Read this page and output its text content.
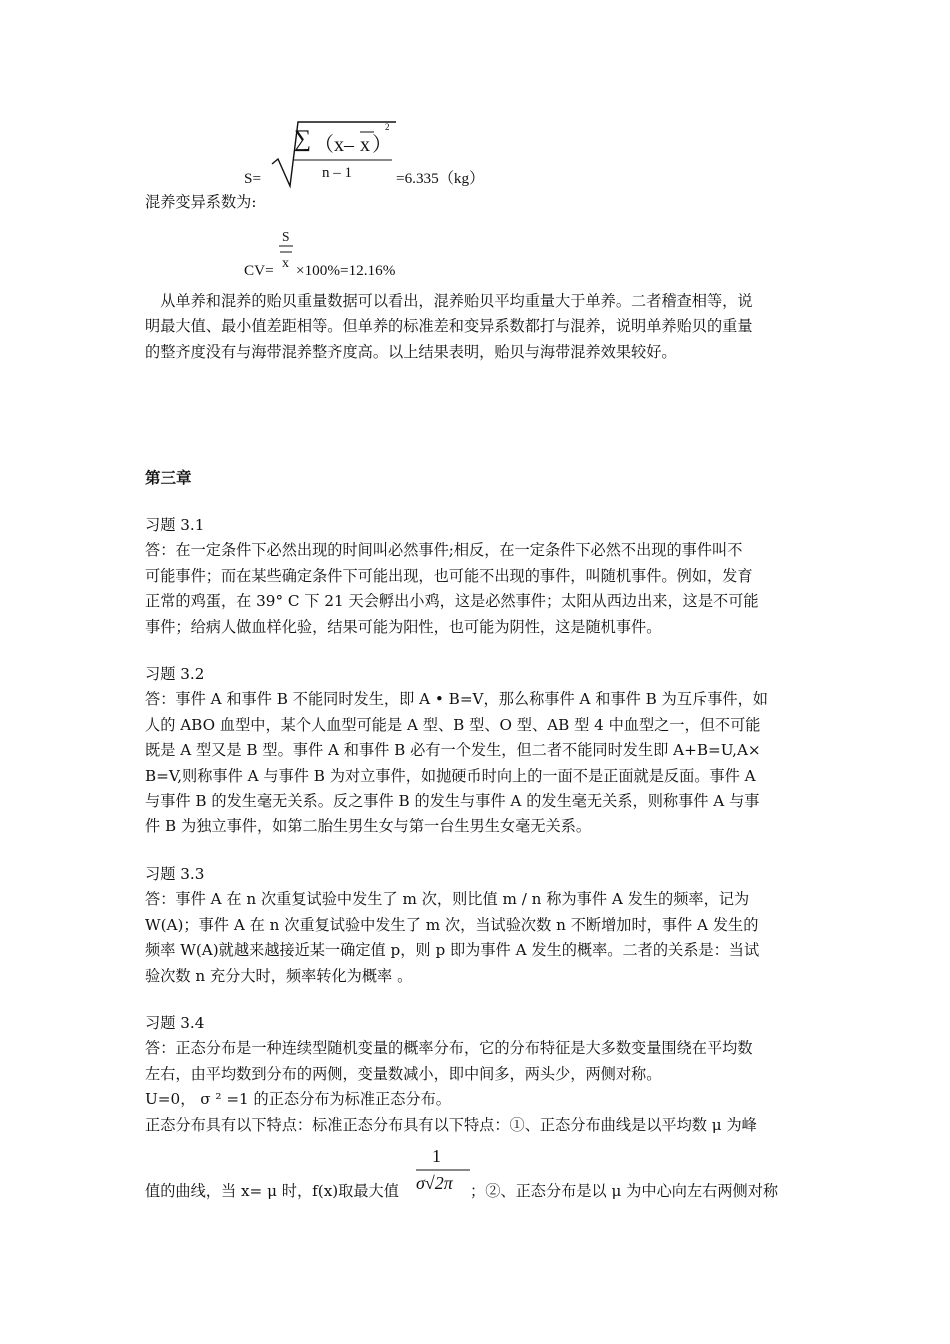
S=
∑ （x– x ）
2
n – 1	=6.335（kg）
混养变异系数为:
S
CV= x ×100%=12.16%
　从单养和混养的贻贝重量数据可以看出，混养贻贝平均重量大于单养。二者稽查相等，说
明最大值、最小值差距相等。但单养的标准差和变异系数都打与混养，说明单养贻贝的重量
的整齐度没有与海带混养整齐度高。以上结果表明，贻贝与海带混养效果较好。
第三章
习题 3.1
答：在一定条件下必然出现的时间叫必然事件;相反，在一定条件下必然不出现的事件叫不
可能事件；而在某些确定条件下可能出现，也可能不出现的事件，叫随机事件。例如，发育
正常的鸡蛋，在 39° C 下 21 天会孵出小鸡，这是必然事件；太阳从西边出来，这是不可能
事件；给病人做血样化验，结果可能为阳性，也可能为阴性，这是随机事件。
习题 3.2
答：事件 A 和事件 B 不能同时发生，即 A • B=V，那么称事件 A 和事件 B 为互斥事件，如
人的 ABO 血型中，某个人血型可能是 A 型、B 型、O 型、AB 型 4 中血型之一，但不可能
既是 A 型又是 B 型。事件 A 和事件 B 必有一个发生，但二者不能同时发生即 A+B=U,A×
B=V,则称事件 A 与事件 B 为对立事件，如抛硬币时向上的一面不是正面就是反面。事件 A
与事件 B 的发生毫无关系。反之事件 B 的发生与事件 A 的发生毫无关系，则称事件 A 与事
件 B 为独立事件，如第二胎生男生女与第一台生男生女毫无关系。
习题 3.3
答：事件 A 在 n 次重复试验中发生了 m 次，则比值 m / n 称为事件 A 发生的频率，记为
W(A)；事件 A 在 n 次重复试验中发生了 m 次，当试验次数 n 不断增加时，事件 A 发生的
频率 W(A)就越来越接近某一确定值 p，则 p 即为事件 A 发生的概率。二者的关系是：当试
验次数 n 充分大时，频率转化为概率 。
习题 3.4
答：正态分布是一种连续型随机变量的概率分布，它的分布特征是大多数变量围绕在平均数
左右，由平均数到分布的两侧，变量数减小，即中间多，两头少，两侧对称。
U=0， σ ² =1 的正态分布为标准正态分布。
正态分布具有以下特点：标准正态分布具有以下特点：①、正态分布曲线是以平均数 μ 为峰
值的曲线，当 x= μ 时，f(x)取最大值
1
σ√2π ；②、正态分布是以 μ 为中心向左右两侧对称
